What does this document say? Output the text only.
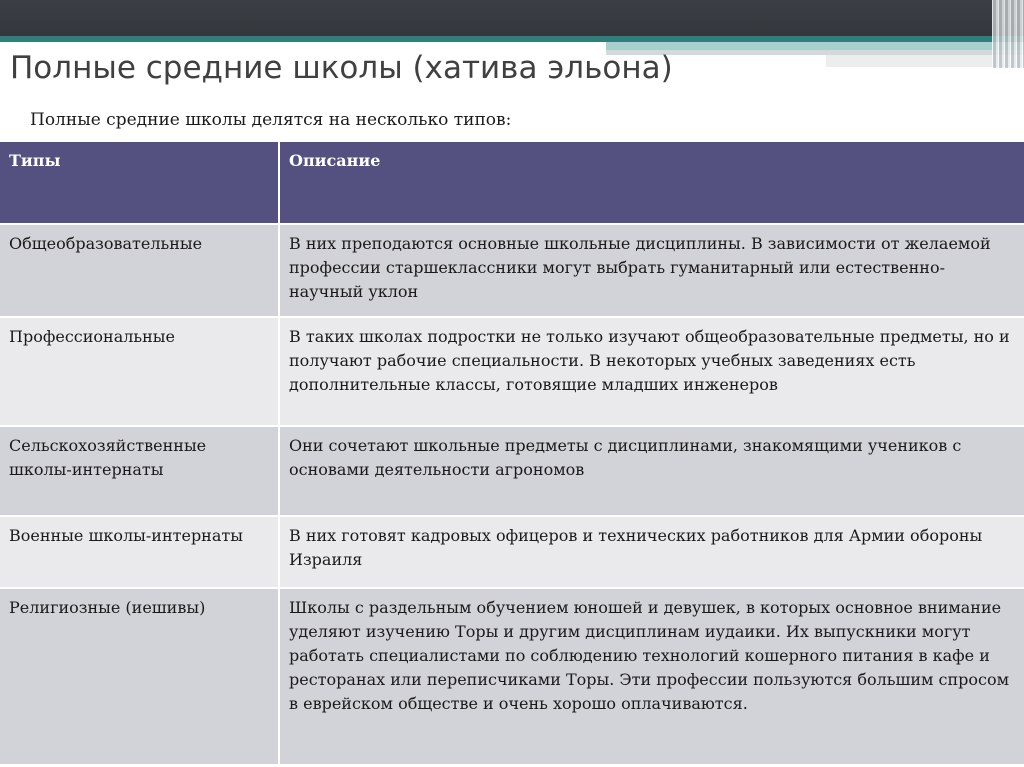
Полные средние школы (хатива эльона)
Полные средние школы делятся на несколько типов:
Типы	Описание
Общеобразовательные	В них преподаются основные школьные дисциплины. В зависимости от желаемой профессии старшеклассники могут выбрать гуманитарный или естественно-научный уклон
Профессиональные	В таких школах подростки не только изучают общеобразовательные предметы, но и получают рабочие специальности. В некоторых учебных заведениях есть дополнительные классы, готовящие младших инженеров
Сельскохозяйственные школы-интернаты	Они сочетают школьные предметы с дисциплинами, знакомящими учеников с основами деятельности агрономов
Военные школы-интернаты	В них готовят кадровых офицеров и технических работников для Армии обороны Израиля
Религиозные (иешивы)	Школы с раздельным обучением юношей и девушек, в которых основное внимание уделяют изучению Торы и другим дисциплинам иудаики. Их выпускники могут работать специалистами по соблюдению технологий кошерного питания в кафе и ресторанах или переписчиками Торы. Эти профессии пользуются большим спросом в еврейском обществе и очень хорошо оплачиваются.
